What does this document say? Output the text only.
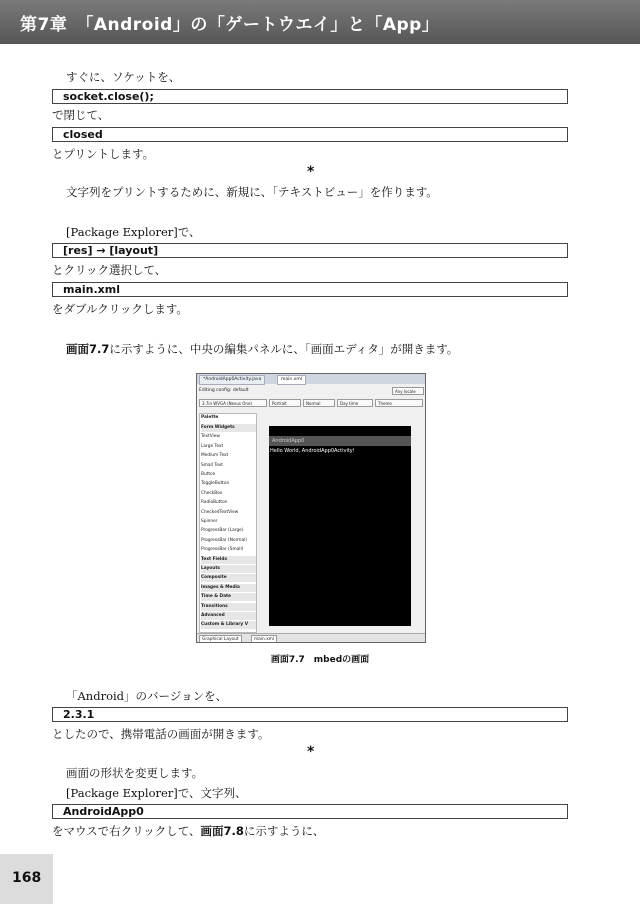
第7章　「Android」の「ゲートウエイ」と「App」
すぐに、ソケットを、
socket.close();
で閉じて、
closed
とプリントします。
*
文字列をプリントするために、新規に、「テキストビュー」を作ります。
[Package Explorer]で、
[res] → [layout]
とクリック選択して、
main.xml
をダブルクリックします。
画面7.7に示すように、中央の編集パネルに、「画面エディタ」が開きます。
*AndroidApp0Activity.java	main.xml
Editing config: default	Any locale
3.7in WVGA (Nexus One)	Portrait	Normal	Day time	Theme
Palette
Form Widgets
TextView
Large Text
Medium Text
Small Text
Button
ToggleButton
CheckBox
RadioButton
CheckedTextView
Spinner
ProgressBar (Large)
ProgressBar (Normal)
ProgressBar (Small)
Text Fields
Layouts
Composite
Images & Media
Time & Date
Transitions
Advanced
Custom & Library V
AndroidApp0
Hello World, AndroidApp0Activity!
Graphical Layout	main.xml
画面7.7　mbedの画面
「Android」のバージョンを、
2.3.1
としたので、携帯電話の画面が開きます。
*
画面の形状を変更します。
[Package Explorer]で、文字列、
AndroidApp0
をマウスで右クリックして、画面7.8に示すように、
168
